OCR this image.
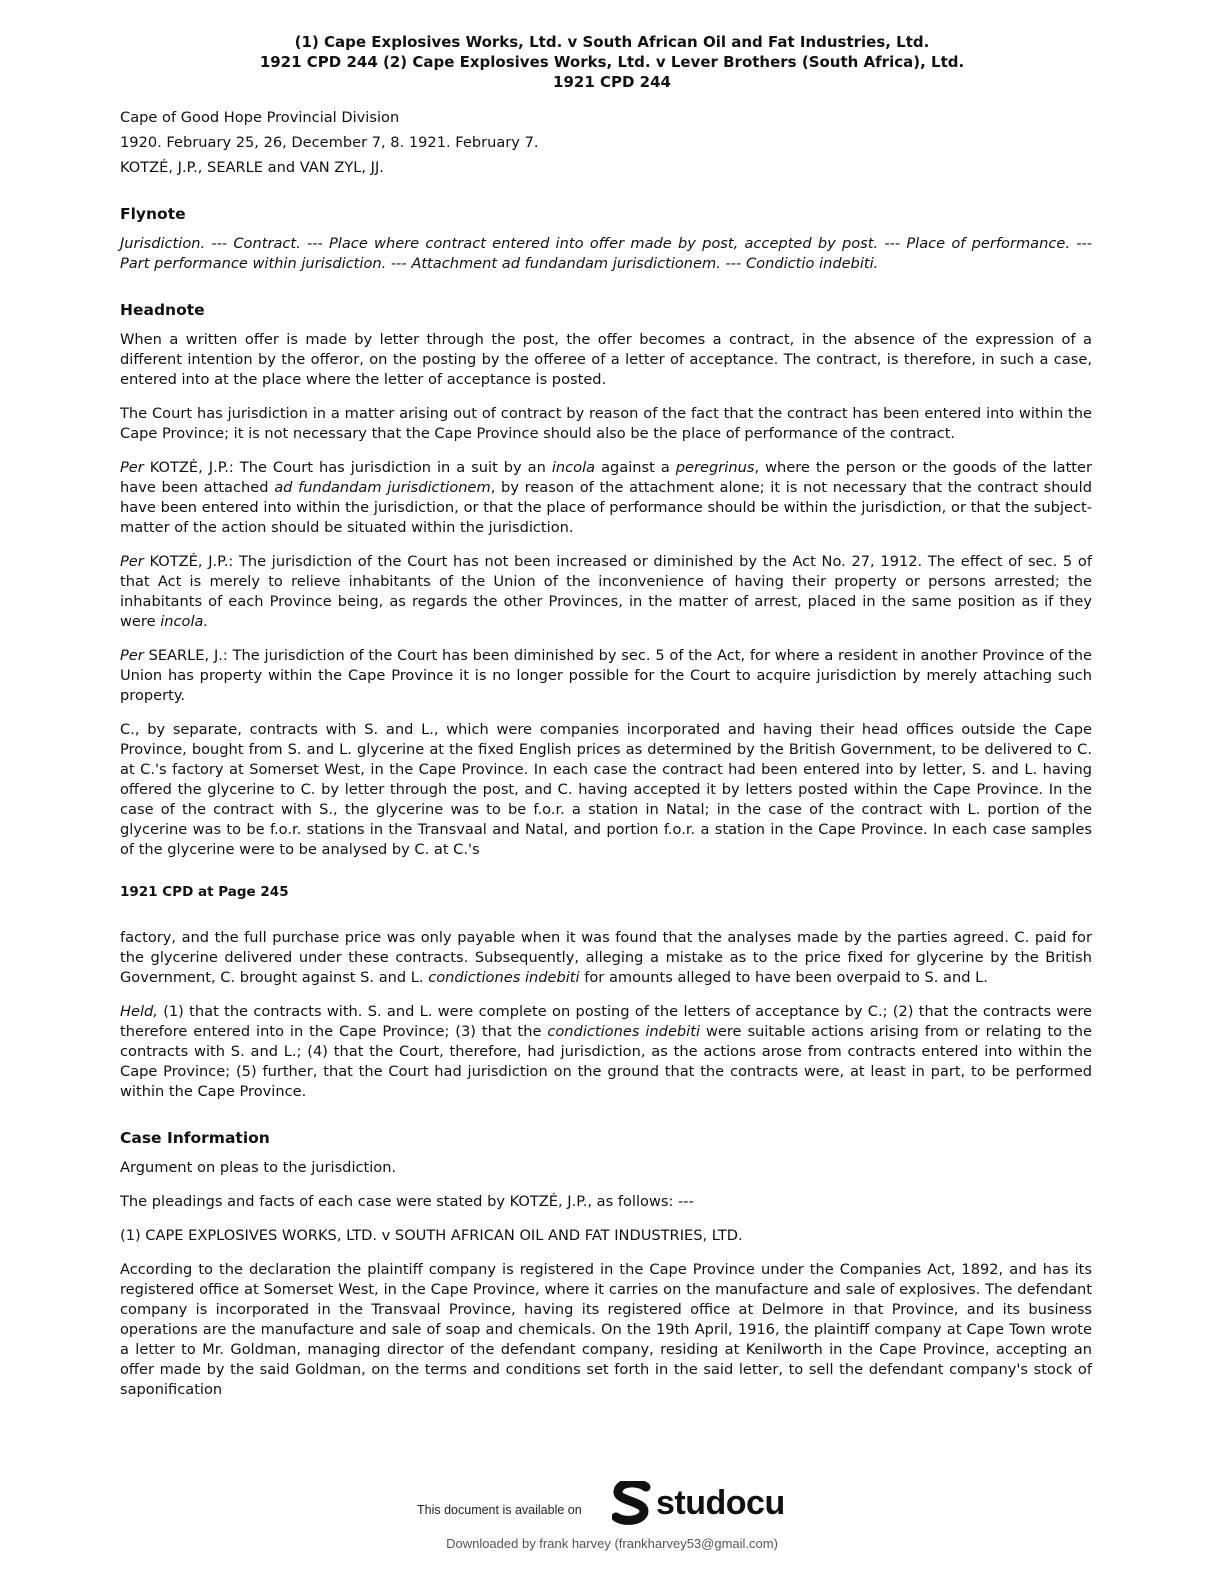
(1) Cape Explosives Works, Ltd. v South African Oil and Fat Industries, Ltd.
1921 CPD 244 (2) Cape Explosives Works, Ltd. v Lever Brothers (South Africa), Ltd.
1921 CPD 244
Cape of Good Hope Provincial Division
1920. February 25, 26, December 7, 8. 1921. February 7.
KOTZÉ, J.P., SEARLE and VAN ZYL, JJ.
Flynote

Jurisdiction. --- Contract. --- Place where contract entered into offer made by post, accepted by post. --- Place of performance. --- Part performance within jurisdiction. --- Attachment ad fundandam jurisdictionem. --- Condictio indebiti.

Headnote

When a written offer is made by letter through the post, the offer becomes a contract, in the absence of the expression of a different intention by the offeror, on the posting by the offeree of a letter of acceptance. The contract, is therefore, in such a case, entered into at the place where the letter of acceptance is posted.

The Court has jurisdiction in a matter arising out of contract by reason of the fact that the contract has been entered into within the Cape Province; it is not necessary that the Cape Province should also be the place of performance of the contract.

Per KOTZĖ, J.P.: The Court has jurisdiction in a suit by an incola against a peregrinus, where the person or the goods of the latter have been attached ad fundandam jurisdictionem, by reason of the attachment alone; it is not necessary that the contract should have been entered into within the jurisdiction, or that the place of performance should be within the jurisdiction, or that the subject-matter of the action should be situated within the jurisdiction.

Per KOTZÉ, J.P.: The jurisdiction of the Court has not been increased or diminished by the Act No. 27, 1912. The effect of sec. 5 of that Act is merely to relieve inhabitants of the Union of the inconvenience of having their property or persons arrested; the inhabitants of each Province being, as regards the other Provinces, in the matter of arrest, placed in the same position as if they were incola.

Per SEARLE, J.: The jurisdiction of the Court has been diminished by sec. 5 of the Act, for where a resident in another Province of the Union has property within the Cape Province it is no longer possible for the Court to acquire jurisdiction by merely attaching such property.

C., by separate, contracts with S. and L., which were companies incorporated and having their head offices outside the Cape Province, bought from S. and L. glycerine at the fixed English prices as determined by the British Government, to be delivered to C. at C.'s factory at Somerset West, in the Cape Province. In each case the contract had been entered into by letter, S. and L. having offered the glycerine to C. by letter through the post, and C. having accepted it by letters posted within the Cape Province. In the case of the contract with S., the glycerine was to be f.o.r. a station in Natal; in the case of the contract with L. portion of the glycerine was to be f.o.r. stations in the Transvaal and Natal, and portion f.o.r. a station in the Cape Province. In each case samples of the glycerine were to be analysed by C. at C.'s

1921 CPD at Page 245

factory, and the full purchase price was only payable when it was found that the analyses made by the parties agreed. C. paid for the glycerine delivered under these contracts. Subsequently, alleging a mistake as to the price fixed for glycerine by the British Government, C. brought against S. and L. condictiones indebiti for amounts alleged to have been overpaid to S. and L.

Held, (1) that the contracts with. S. and L. were complete on posting of the letters of acceptance by C.; (2) that the contracts were therefore entered into in the Cape Province; (3) that the condictiones indebiti were suitable actions arising from or relating to the contracts with S. and L.; (4) that the Court, therefore, had jurisdiction, as the actions arose from contracts entered into within the Cape Province; (5) further, that the Court had jurisdiction on the ground that the contracts were, at least in part, to be performed within the Cape Province.

Case Information

Argument on pleas to the jurisdiction.

The pleadings and facts of each case were stated by KOTZÉ, J.P., as follows: ---

(1) CAPE EXPLOSIVES WORKS, LTD. v SOUTH AFRICAN OIL AND FAT INDUSTRIES, LTD.

According to the declaration the plaintiff company is registered in the Cape Province under the Companies Act, 1892, and has its registered office at Somerset West, in the Cape Province, where it carries on the manufacture and sale of explosives. The defendant company is incorporated in the Transvaal Province, having its registered office at Delmore in that Province, and its business operations are the manufacture and sale of soap and chemicals. On the 19th April, 1916, the plaintiff company at Cape Town wrote a letter to Mr. Goldman, managing director of the defendant company, residing at Kenilworth in the Cape Province, accepting an offer made by the said Goldman, on the terms and conditions set forth in the said letter, to sell the defendant company's stock of saponification

This document is available on studocu
Downloaded by frank harvey (frankharvey53@gmail.com)
